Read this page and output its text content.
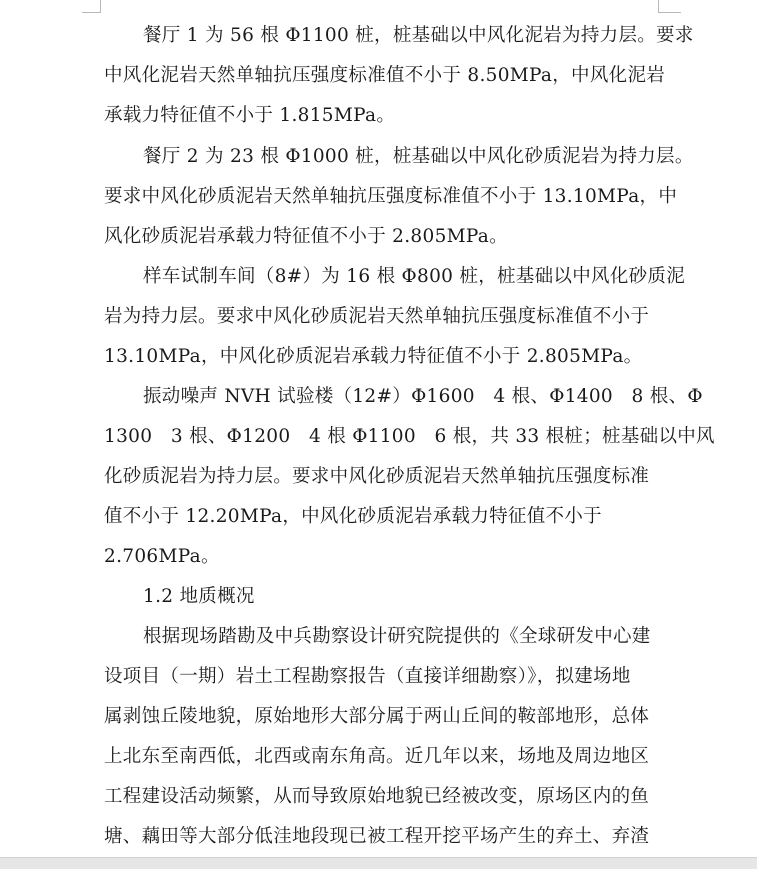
餐厅 1 为 56 根 Φ1100 桩，桩基础以中风化泥岩为持力层。要求
中风化泥岩天然单轴抗压强度标准值不小于 8.50MPa，中风化泥岩
承载力特征值不小于 1.815MPa。
餐厅 2 为 23 根 Φ1000 桩，桩基础以中风化砂质泥岩为持力层。
要求中风化砂质泥岩天然单轴抗压强度标准值不小于 13.10MPa，中
风化砂质泥岩承载力特征值不小于 2.805MPa。
样车试制车间（8#）为 16 根 Φ800 桩，桩基础以中风化砂质泥
岩为持力层。要求中风化砂质泥岩天然单轴抗压强度标准值不小于
13.10MPa，中风化砂质泥岩承载力特征值不小于 2.805MPa。
振动噪声 NVH 试验楼（12#）Φ1600   4 根、Φ1400   8 根、Φ
1300   3 根、Φ1200   4 根 Φ1100   6 根，共 33 根桩；桩基础以中风
化砂质泥岩为持力层。要求中风化砂质泥岩天然单轴抗压强度标准
值不小于 12.20MPa，中风化砂质泥岩承载力特征值不小于
2.706MPa。
1.2 地质概况
根据现场踏勘及中兵勘察设计研究院提供的《全球研发中心建
设项目（一期）岩土工程勘察报告（直接详细勘察）》，拟建场地
属剥蚀丘陵地貌，原始地形大部分属于两山丘间的鞍部地形，总体
上北东至南西低，北西或南东角高。近几年以来，场地及周边地区
工程建设活动频繁，从而导致原始地貌已经被改变，原场区内的鱼
塘、藕田等大部分低洼地段现已被工程开挖平场产生的弃土、弃渣
